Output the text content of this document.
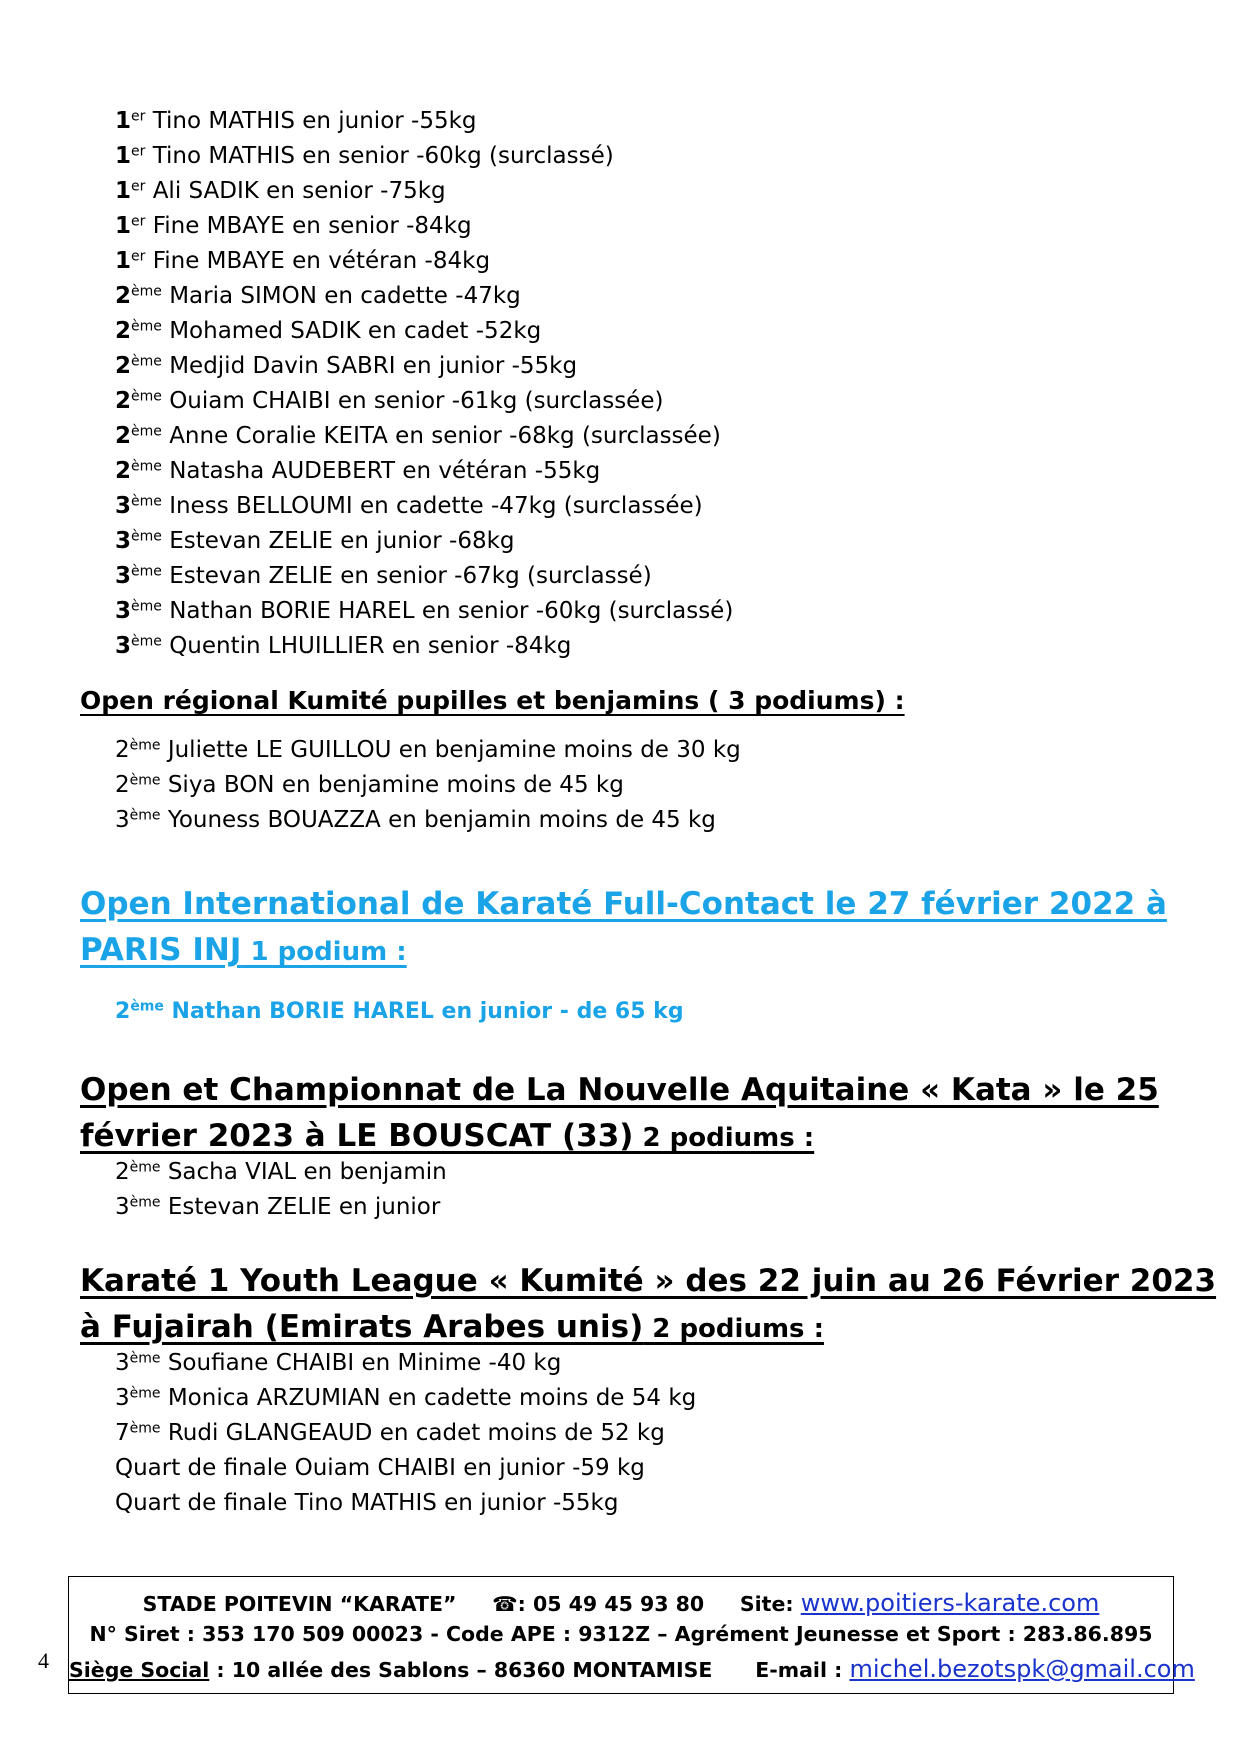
1er Tino MATHIS en junior -55kg
1er Tino MATHIS en senior -60kg (surclassé)
1er Ali SADIK en senior -75kg
1er Fine MBAYE en senior -84kg
1er Fine MBAYE en vétéran -84kg
2ème Maria SIMON en cadette -47kg
2ème Mohamed SADIK en cadet -52kg
2ème Medjid Davin SABRI en junior -55kg
2ème Ouiam CHAIBI en senior -61kg (surclassée)
2ème Anne Coralie KEITA en senior -68kg (surclassée)
2ème Natasha AUDEBERT en vétéran -55kg
3ème Iness BELLOUMI en cadette -47kg (surclassée)
3ème Estevan ZELIE en junior -68kg
3ème Estevan ZELIE en senior -67kg (surclassé)
3ème Nathan BORIE HAREL en senior -60kg (surclassé)
3ème Quentin LHUILLIER en senior -84kg
Open régional Kumité pupilles et benjamins ( 3 podiums) :
2ème Juliette LE GUILLOU en benjamine moins de 30 kg
2ème Siya BON en benjamine moins de 45 kg
3ème Youness BOUAZZA en benjamin moins de 45 kg
Open International de Karaté Full-Contact le 27 février 2022 à
PARIS INJ 1 podium :
2ème Nathan BORIE HAREL en junior - de 65 kg
Open et Championnat de La Nouvelle Aquitaine « Kata » le 25
février 2023 à LE BOUSCAT (33) 2 podiums :
2ème Sacha VIAL en benjamin
3ème Estevan ZELIE en junior
Karaté 1 Youth League « Kumité » des 22 juin au 26 Février 2023
à Fujairah (Emirats Arabes unis) 2 podiums :
3ème Soufiane CHAIBI en Minime -40 kg
3ème Monica ARZUMIAN en cadette moins de 54 kg
7ème Rudi GLANGEAUD en cadet moins de 52 kg
Quart de finale Ouiam CHAIBI en junior -59 kg
Quart de finale Tino MATHIS en junior -55kg
STADE POITEVIN “KARATE” ☎: 05 49 45 93 80 Site: www.poitiers-karate.com
N° Siret : 353 170 509 00023 - Code APE : 9312Z – Agrément Jeunesse et Sport : 283.86.895
Siège Social : 10 allée des Sablons – 86360 MONTAMISE E-mail : michel.bezotspk@gmail.com
4
